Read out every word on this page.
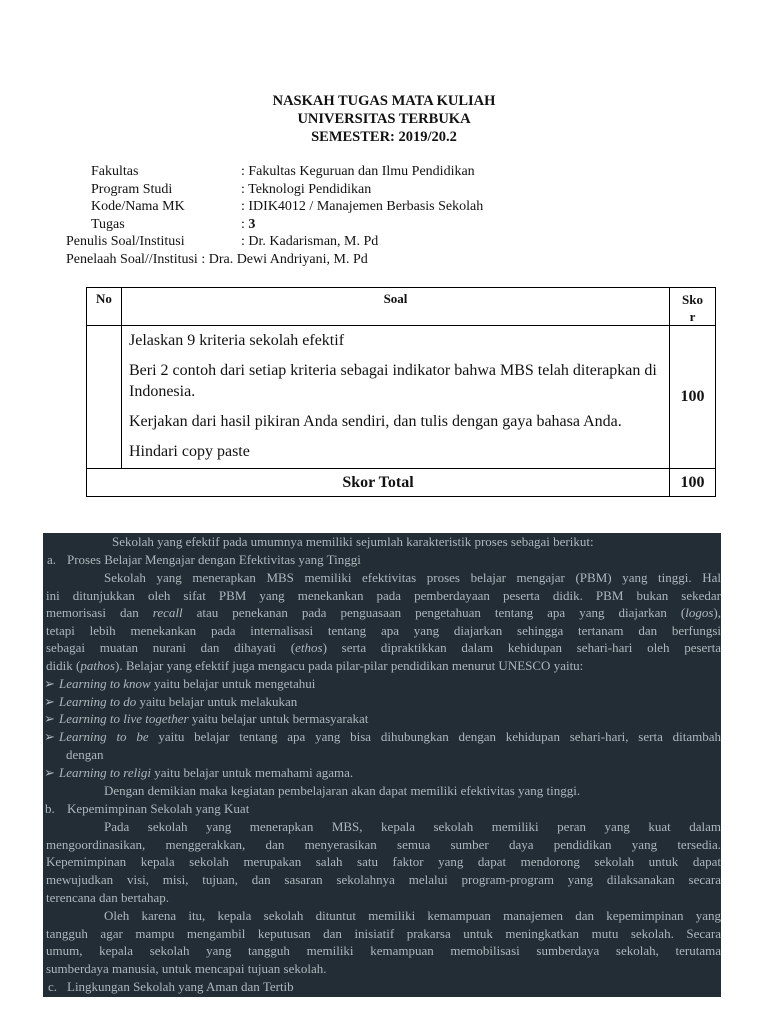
NASKAH TUGAS MATA KULIAH
UNIVERSITAS TERBUKA
SEMESTER: 2019/20.2
Fakultas	: Fakultas Keguruan dan Ilmu Pendidikan
Program Studi	: Teknologi Pendidikan
Kode/Nama MK	: IDIK4012 / Manajemen Berbasis Sekolah
Tugas	: 3
Penulis Soal/Institusi	: Dr. Kadarisman, M. Pd
Penelaah Soal//Institusi : Dra. Dewi Andriyani, M. Pd
No	Soal	Sko
r

	Jelaskan 9 kriteria sekolah efektif

Beri 2 contoh dari setiap kriteria sebagai indikator bahwa MBS telah diterapkan di Indonesia.

Kerjakan dari hasil pikiran Anda sendiri, dan tulis dengan gaya bahasa Anda.

Hindari copy paste	100
Skor Total		100
Sekolah yang efektif pada umumnya memiliki sejumlah karakteristik proses sebagai berikut:
a. Proses Belajar Mengajar dengan Efektivitas yang Tinggi
Sekolah yang menerapkan MBS memiliki efektivitas proses belajar mengajar (PBM) yang tinggi. Hal
ini ditunjukkan oleh sifat PBM yang menekankan pada pemberdayaan peserta didik. PBM bukan sekedar
memorisasi dan recall atau penekanan pada penguasaan pengetahuan tentang apa yang diajarkan (logos),
tetapi lebih menekankan pada internalisasi tentang apa yang diajarkan sehingga tertanam dan berfungsi
sebagai muatan nurani dan dihayati (ethos) serta dipraktikkan dalam kehidupan sehari-hari oleh peserta
didik (pathos). Belajar yang efektif juga mengacu pada pilar-pilar pendidikan menurut UNESCO yaitu:
➢ Learning to know yaitu belajar untuk mengetahui
➢ Learning to do yaitu belajar untuk melakukan
➢ Learning to live together yaitu belajar untuk bermasyarakat
➢ Learning to be yaitu belajar tentang apa yang bisa dihubungkan dengan kehidupan sehari-hari, serta ditambah
dengan
➢ Learning to religi yaitu belajar untuk memahami agama.
Dengan demikian maka kegiatan pembelajaran akan dapat memiliki efektivitas yang tinggi.
b. Kepemimpinan Sekolah yang Kuat
Pada sekolah yang menerapkan MBS, kepala sekolah memiliki peran yang kuat dalam
mengoordinasikan, menggerakkan, dan menyerasikan semua sumber daya pendidikan yang tersedia.
Kepemimpinan kepala sekolah merupakan salah satu faktor yang dapat mendorong sekolah untuk dapat
mewujudkan visi, misi, tujuan, dan sasaran sekolahnya melalui program-program yang dilaksanakan secara
terencana dan bertahap.
Oleh karena itu, kepala sekolah dituntut memiliki kemampuan manajemen dan kepemimpinan yang
tangguh agar mampu mengambil keputusan dan inisiatif prakarsa untuk meningkatkan mutu sekolah. Secara
umum, kepala sekolah yang tangguh memiliki kemampuan memobilisasi sumberdaya sekolah, terutama
sumberdaya manusia, untuk mencapai tujuan sekolah.
c. Lingkungan Sekolah yang Aman dan Tertib
